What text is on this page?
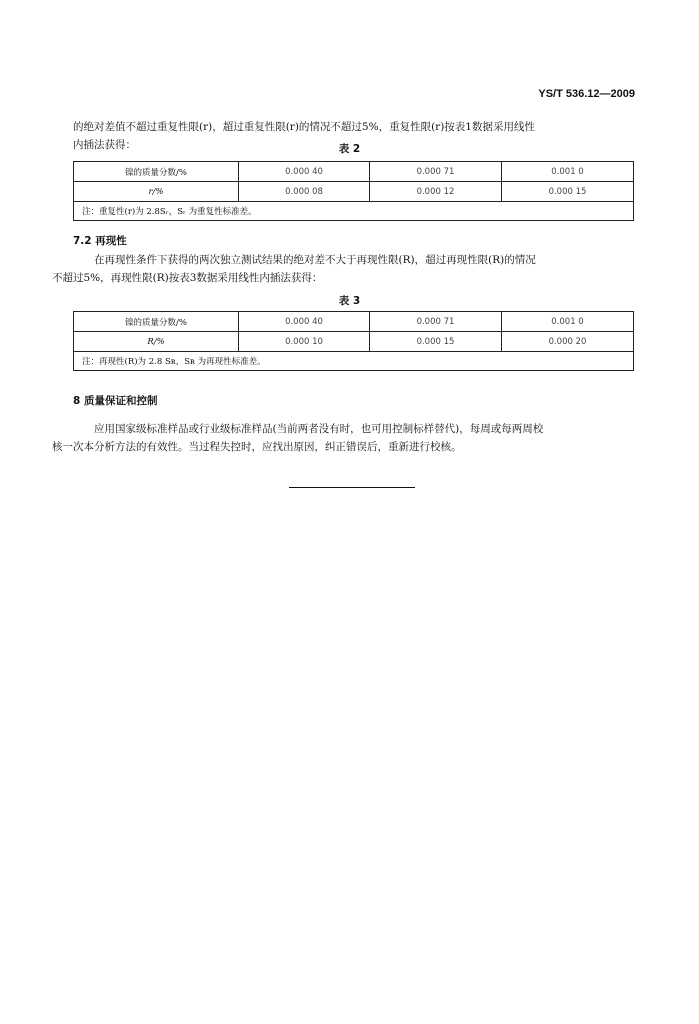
YS/T 536.12—2009

的绝对差值不超过重复性限(r)，超过重复性限(r)的情况不超过5%，重复性限(r)按表1数据采用线性
内插法获得：	表 2
镍的质量分数/%	0.000 40	0.000 71	0.001 0
r/%	0.000 08	0.000 12	0.000 15
注：重复性(r)为 2.8Sᵣ，Sᵣ 为重复性标准差。			
7.2 再现性

在再现性条件下获得的两次独立测试结果的绝对差不大于再现性限(R)，超过再现性限(R)的情况
不超过5%，再现性限(R)按表3数据采用线性内插法获得：

表 3
镍的质量分数/%	0.000 40	0.000 71	0.001 0
R/%	0.000 10	0.000 15	0.000 20
注：再现性(R)为 2.8 Sʀ，Sʀ 为再现性标准差。			
8 质量保证和控制

应用国家级标准样品或行业级标准样品(当前两者没有时，也可用控制标样替代)，每周或每两周校
核一次本分析方法的有效性。当过程失控时，应找出原因，纠正错误后，重新进行校核。
